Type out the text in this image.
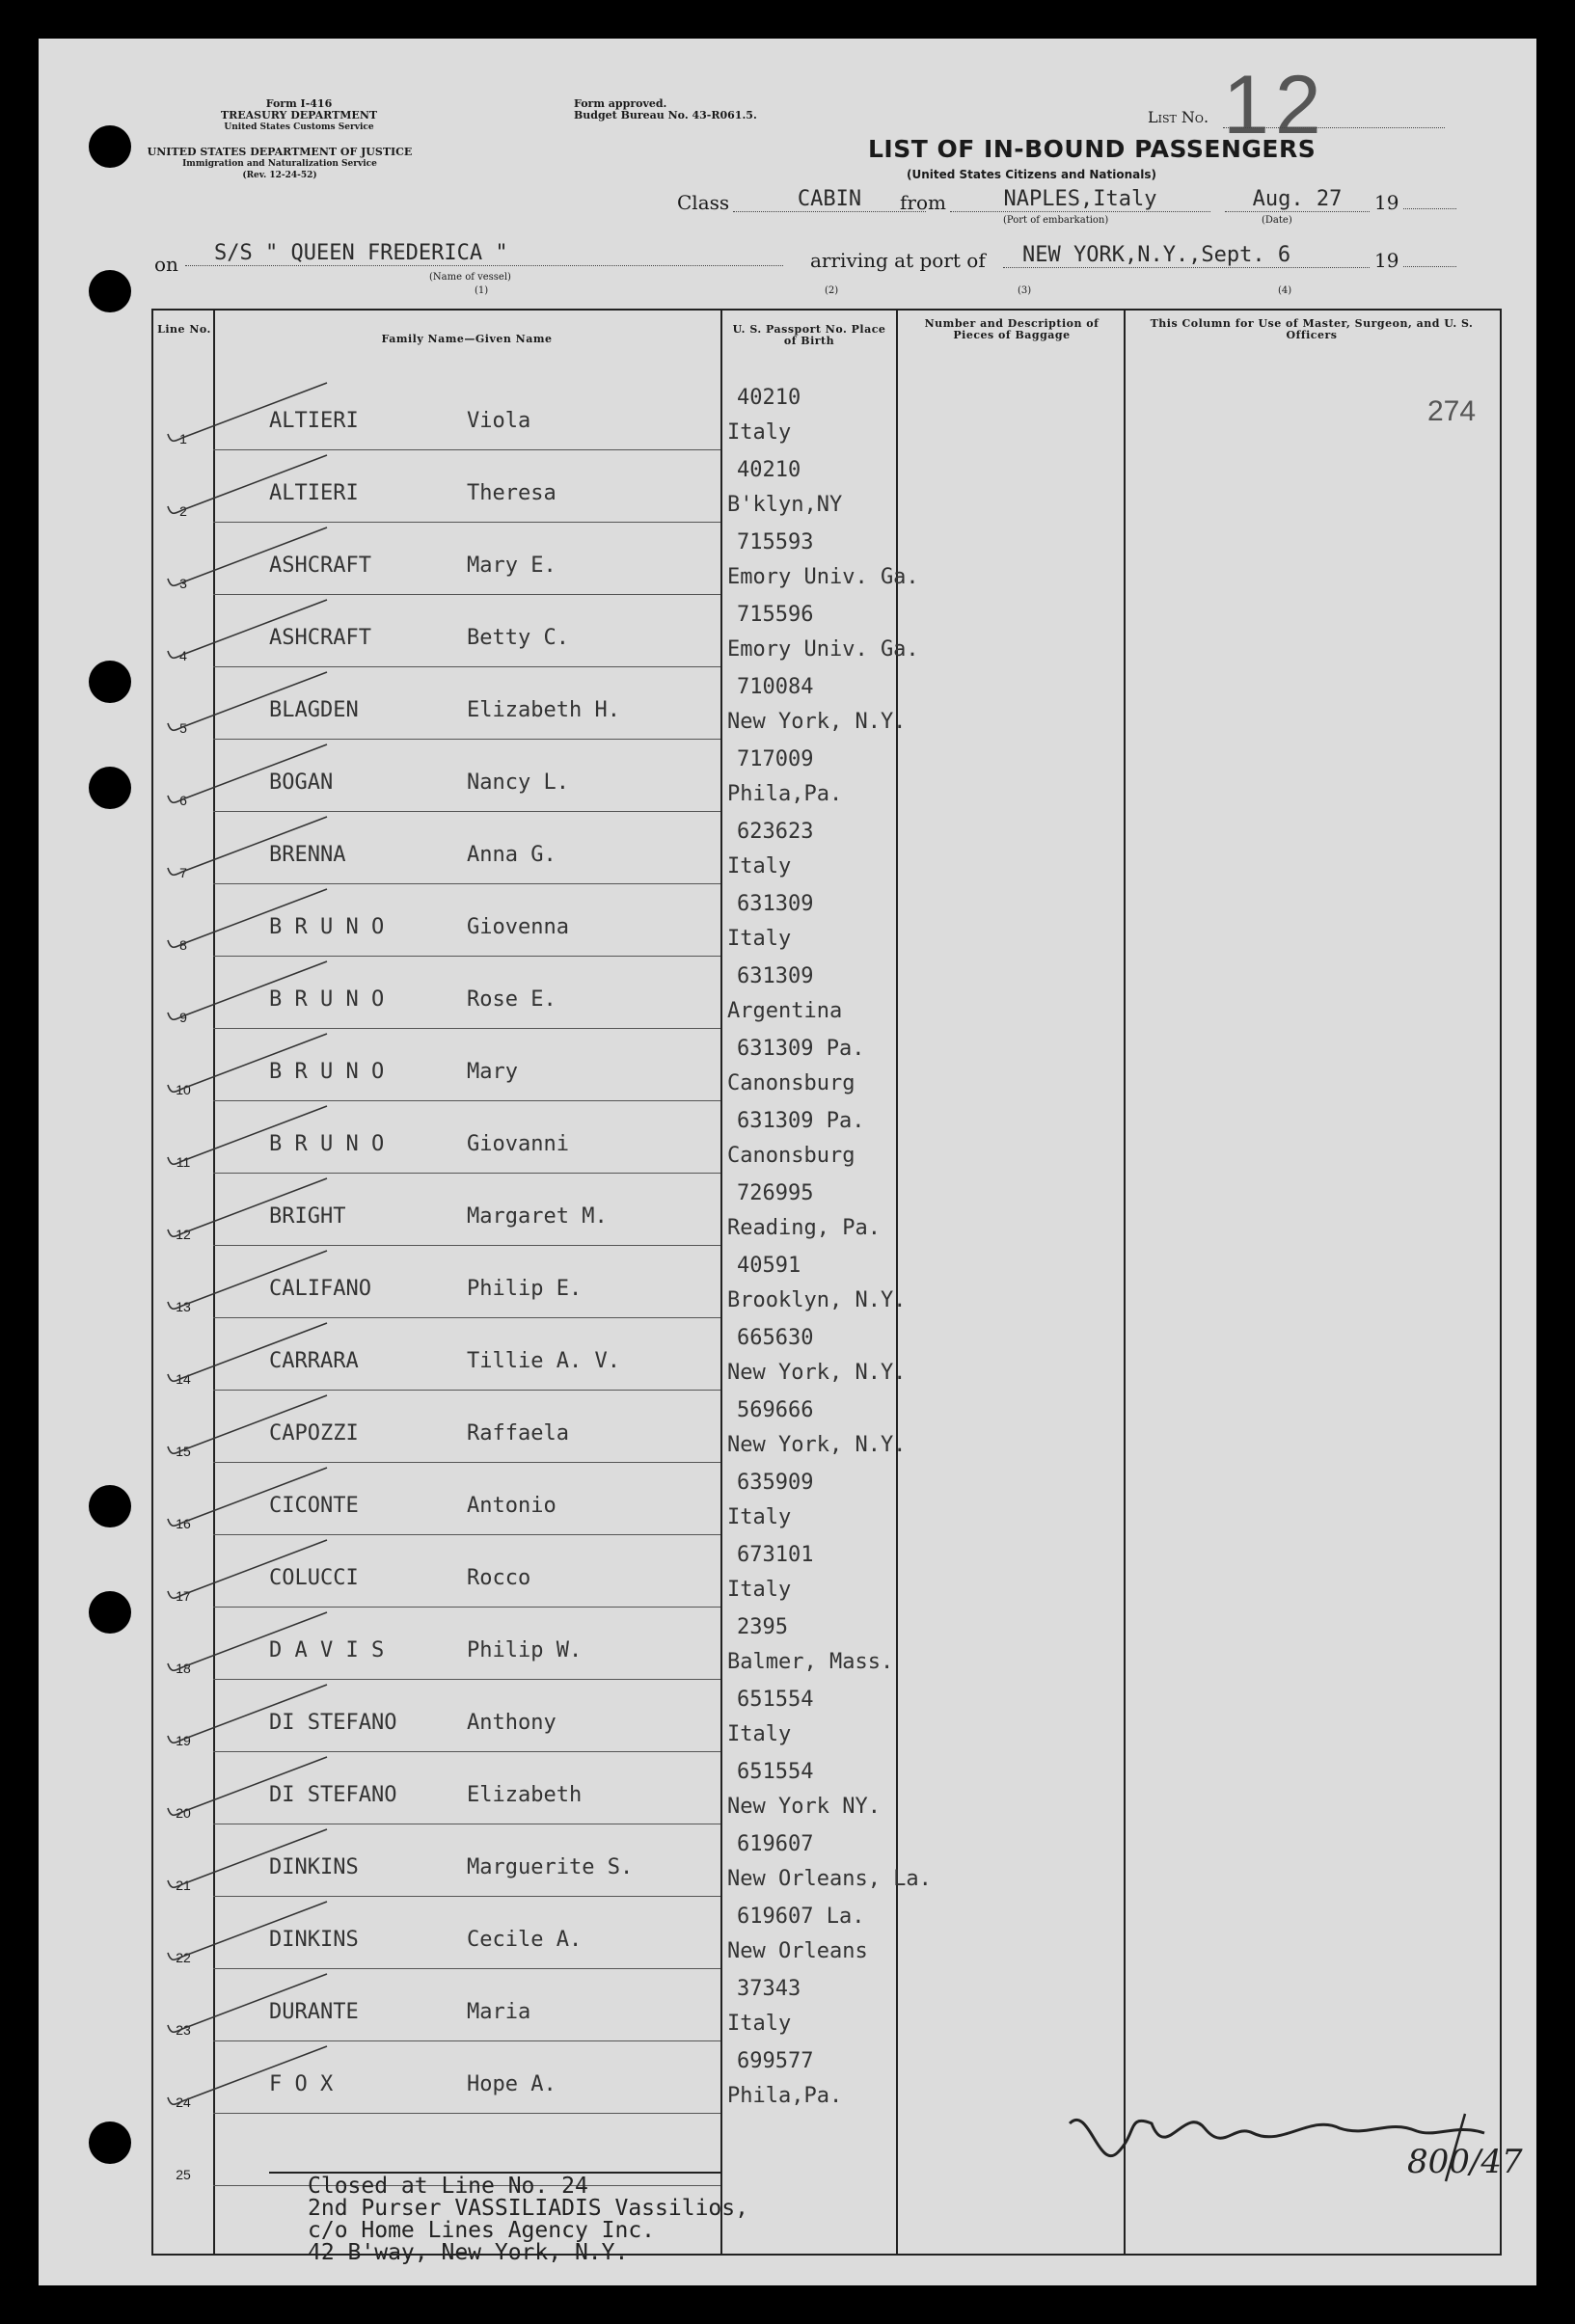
Form I-416
TREASURY DEPARTMENT
United States Customs Service
UNITED STATES DEPARTMENT OF JUSTICE
Immigration and Naturalization Service
(Rev. 12-24-52)
Form approved.
Budget Bureau No. 43-R061.5.	List No. 12
LIST OF IN-BOUND PASSENGERS
(United States Citizens and Nationals)
Class	CABIN	from	NAPLES,Italy
(Port of embarkation)
Aug. 27	19
(Date)
on	S/S " QUEEN FREDERICA "
(Name of vessel)
(1)
arriving at port of	NEW YORK,N.Y.,Sept. 6	19
(2)	(3)	(4)
274
Line No.
Family Name—Given Name
U. S. Passport No. Place of Birth
Number and Description of Pieces of Baggage
This Column for Use of Master, Surgeon, and U. S. Officers
1
ALTIERI	Viola
40210
Italy
2
ALTIERI	Theresa
40210
B'klyn,NY
3
ASHCRAFT	Mary E.
715593
Emory Univ. Ga.
4
ASHCRAFT	Betty C.
715596
Emory Univ. Ga.
5
BLAGDEN	Elizabeth H.
710084
New York, N.Y.
6
BOGAN	Nancy L.
717009
Phila,Pa.
7
BRENNA	Anna G.
623623
Italy
8
B R U N O	Giovenna
631309
Italy
9
B R U N O	Rose E.
631309
Argentina
10
B R U N O	Mary
631309 Pa.
Canonsburg
11
B R U N O	Giovanni
631309 Pa.
Canonsburg
12
BRIGHT	Margaret M.
726995
Reading, Pa.
13
CALIFANO	Philip E.
40591
Brooklyn, N.Y.
14
CARRARA	Tillie A. V.
665630
New York, N.Y.
15
CAPOZZI	Raffaela
569666
New York, N.Y.
16
CICONTE	Antonio
635909
Italy
17
COLUCCI	Rocco
673101
Italy
18
D A V I S	Philip W.
2395
Balmer, Mass.
19
DI STEFANO	Anthony
651554
Italy
20
DI STEFANO	Elizabeth
651554
New York NY.
21
DINKINS	Marguerite S.
619607
New Orleans, La.
22
DINKINS	Cecile A.
619607 La.
New Orleans
23
DURANTE	Maria
37343
Italy
24
F O X	Hope A.
699577
Phila,Pa.
25	Closed at Line No. 24
2nd Purser VASSILIADIS Vassilios,
c/o Home Lines Agency Inc.
42 B'way, New York, N.Y.
800/47
